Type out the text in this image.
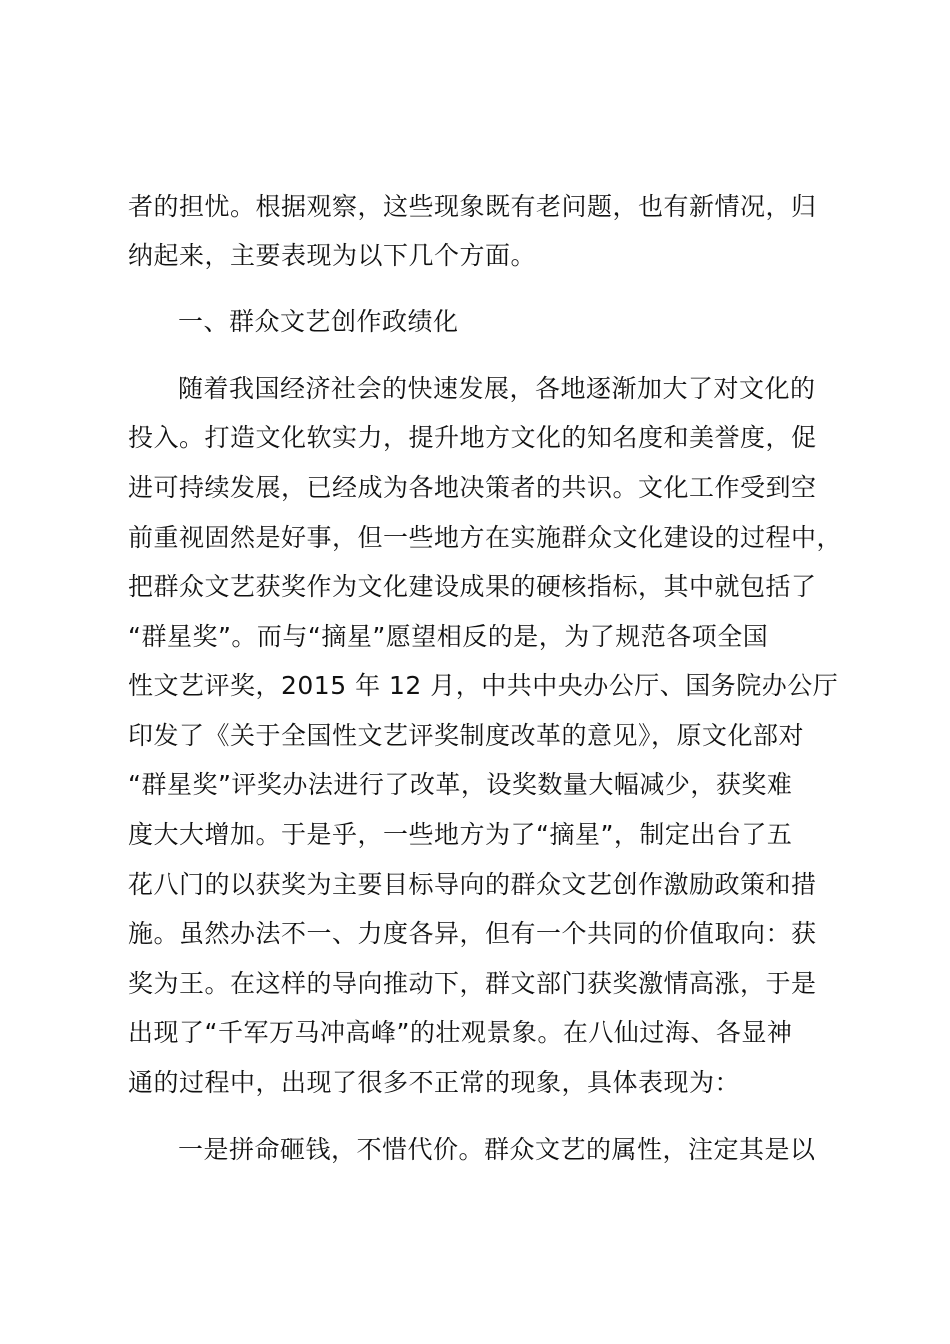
者的担忧。根据观察，这些现象既有老问题，也有新情况，归
纳起来，主要表现为以下几个方面。
一、群众文艺创作政绩化
随着我国经济社会的快速发展，各地逐渐加大了对文化的
投入。打造文化软实力，提升地方文化的知名度和美誉度，促
进可持续发展，已经成为各地决策者的共识。文化工作受到空
前重视固然是好事，但一些地方在实施群众文化建设的过程中，
把群众文艺获奖作为文化建设成果的硬核指标，其中就包括了
“群星奖”。而与“摘星”愿望相反的是，为了规范各项全国
性文艺评奖，2015 年 12 月，中共中央办公厅、国务院办公厅
印发了《关于全国性文艺评奖制度改革的意见》，原文化部对
“群星奖”评奖办法进行了改革，设奖数量大幅减少，获奖难
度大大增加。于是乎，一些地方为了“摘星”，制定出台了五
花八门的以获奖为主要目标导向的群众文艺创作激励政策和措
施。虽然办法不一、力度各异，但有一个共同的价值取向：获
奖为王。在这样的导向推动下，群文部门获奖激情高涨，于是
出现了“千军万马冲高峰”的壮观景象。在八仙过海、各显神
通的过程中，出现了很多不正常的现象，具体表现为：
一是拼命砸钱，不惜代价。群众文艺的属性，注定其是以
